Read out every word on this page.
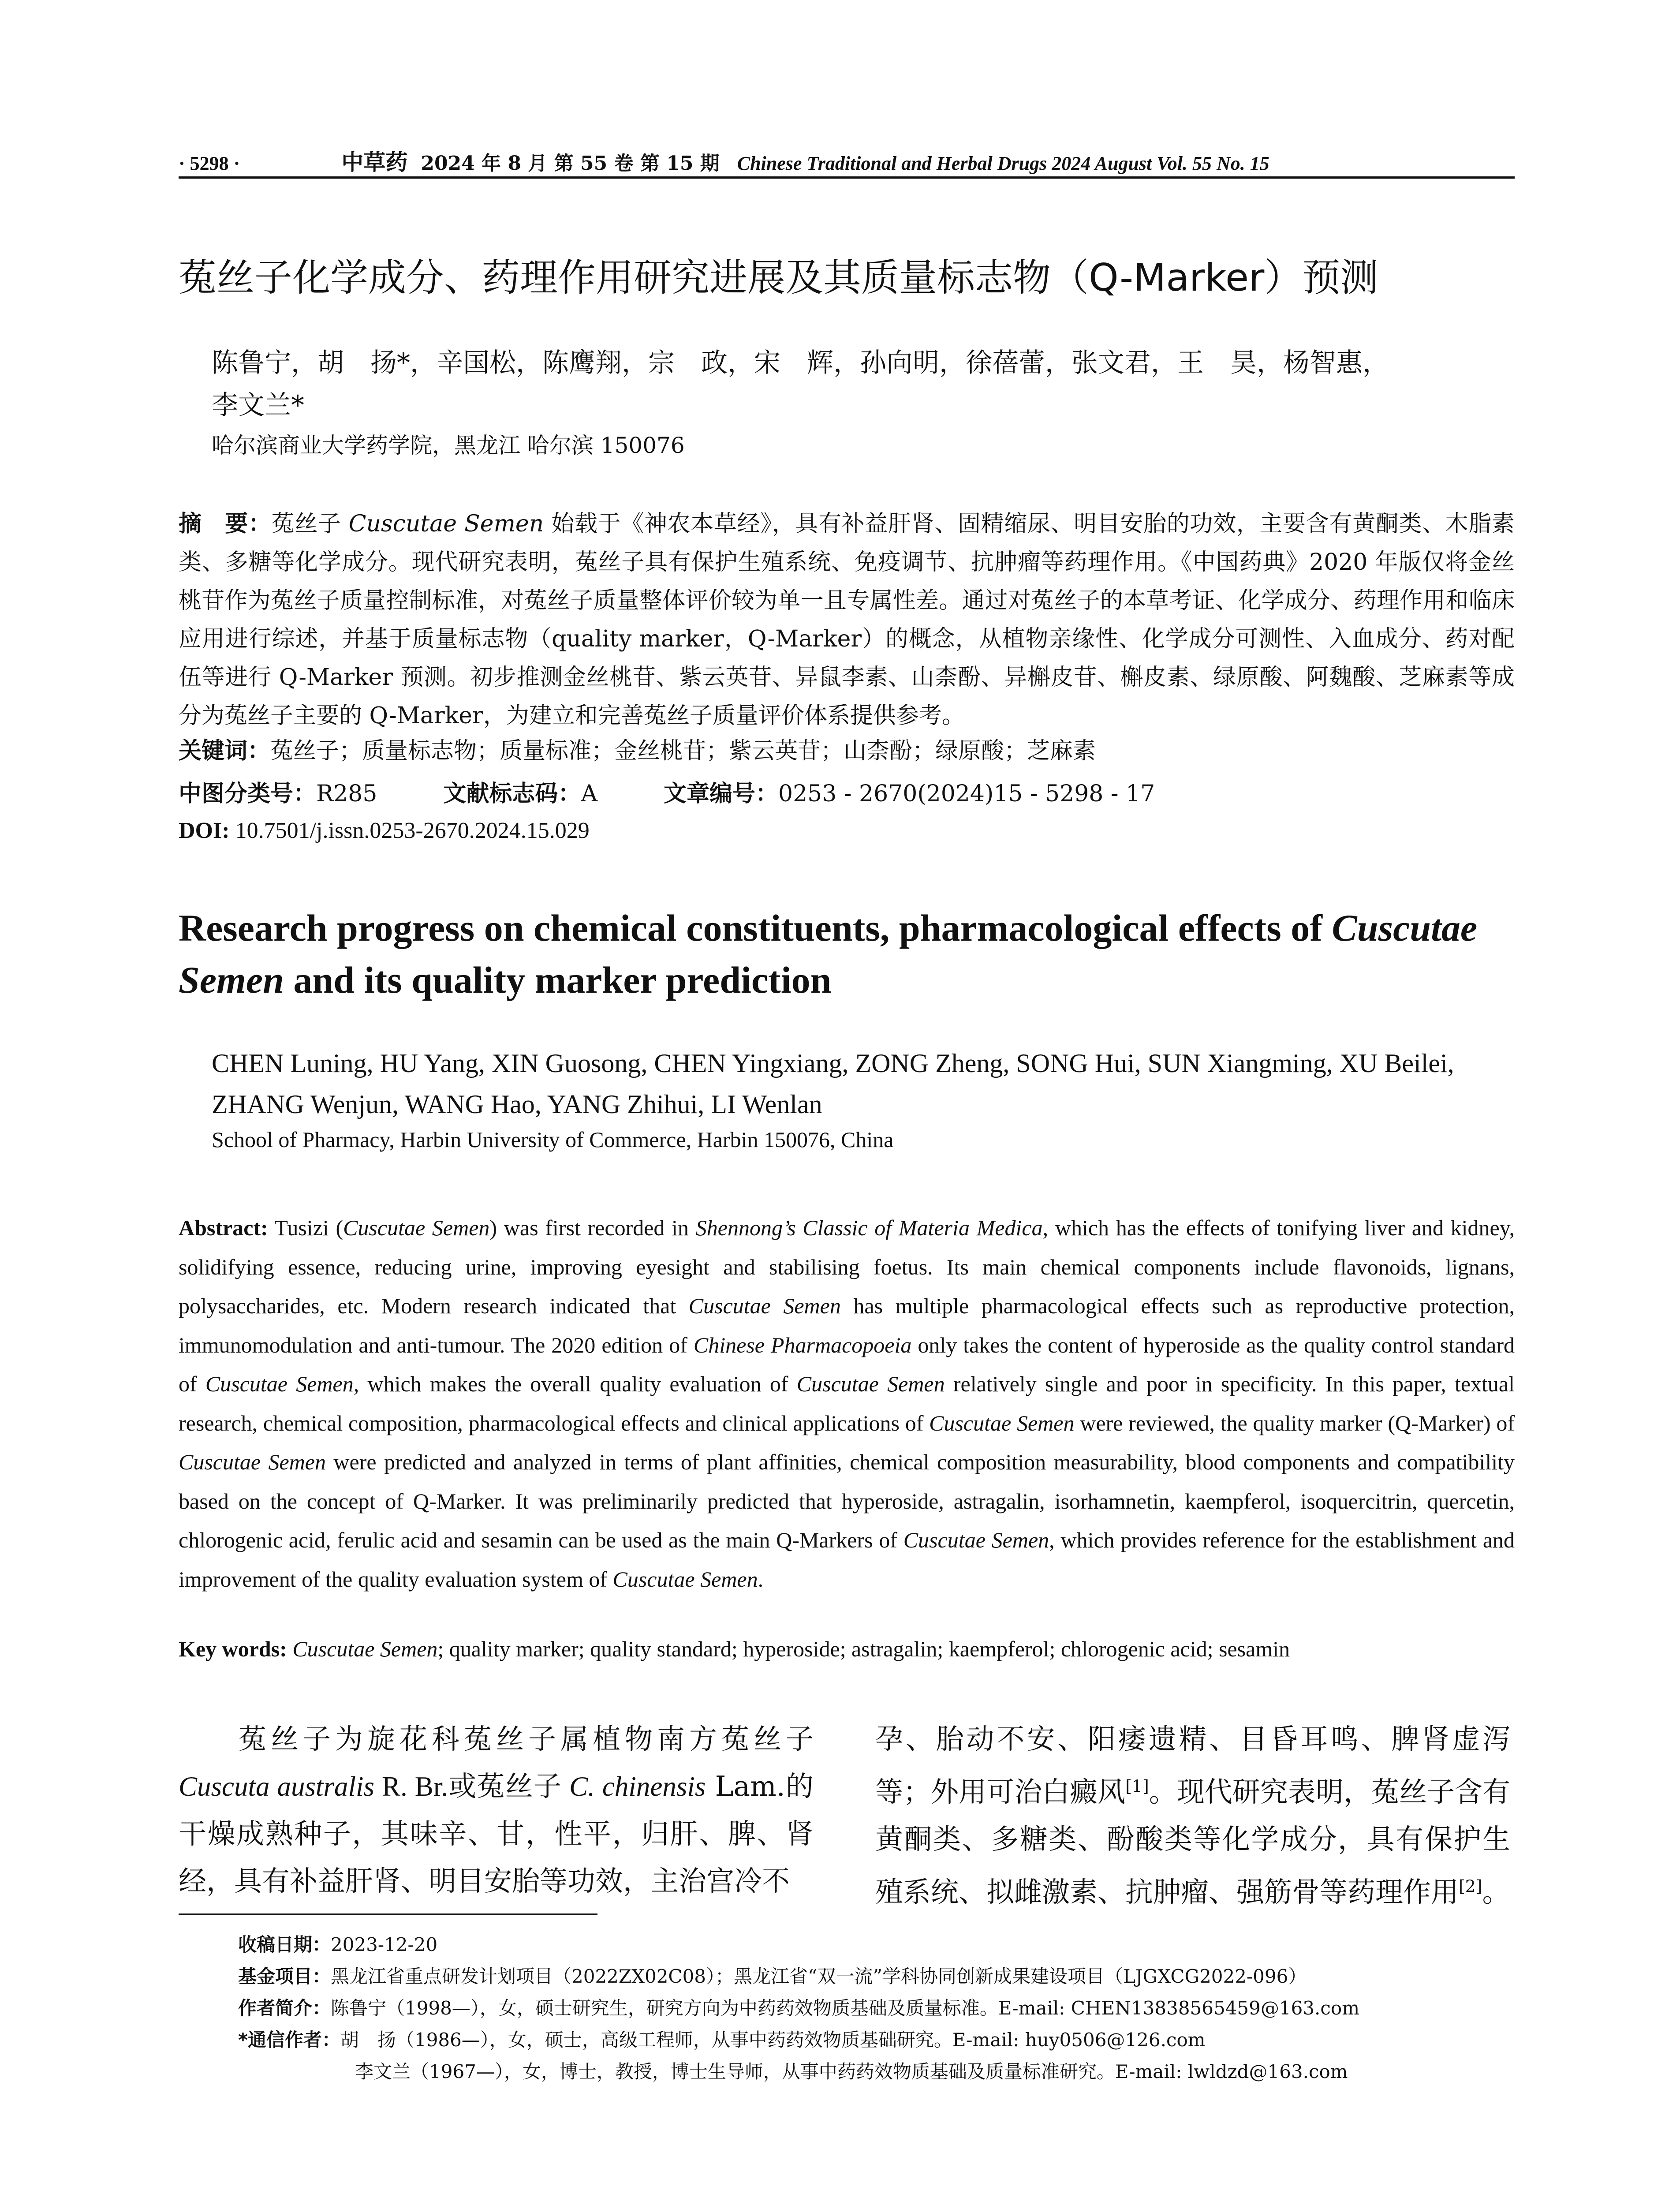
· 5298 ·	中草药 2024 年 8 月 第 55 卷 第 15 期 Chinese Traditional and Herbal Drugs 2024 August Vol. 55 No. 15
菟丝子化学成分、药理作用研究进展及其质量标志物（Q-Marker）预测
陈鲁宁，胡　扬*，辛国松，陈鹰翔，宗　政，宋　辉，孙向明，徐蓓蕾，张文君，王　昊，杨智惠，
李文兰*
哈尔滨商业大学药学院，黑龙江 哈尔滨 150076
摘　要：菟丝子 Cuscutae Semen 始载于《神农本草经》，具有补益肝肾、固精缩尿、明目安胎的功效，主要含有黄酮类、木脂素类、多糖等化学成分。现代研究表明，菟丝子具有保护生殖系统、免疫调节、抗肿瘤等药理作用。《中国药典》2020 年版仅将金丝桃苷作为菟丝子质量控制标准，对菟丝子质量整体评价较为单一且专属性差。通过对菟丝子的本草考证、化学成分、药理作用和临床应用进行综述，并基于质量标志物（quality marker，Q-Marker）的概念，从植物亲缘性、化学成分可测性、入血成分、药对配伍等进行 Q-Marker 预测。初步推测金丝桃苷、紫云英苷、异鼠李素、山柰酚、异槲皮苷、槲皮素、绿原酸、阿魏酸、芝麻素等成分为菟丝子主要的 Q-Marker，为建立和完善菟丝子质量评价体系提供参考。
关键词：菟丝子；质量标志物；质量标准；金丝桃苷；紫云英苷；山柰酚；绿原酸；芝麻素
中图分类号：R285	文献标志码：A	文章编号：0253 - 2670(2024)15 - 5298 - 17
DOI: 10.7501/j.issn.0253-2670.2024.15.029
Research progress on chemical constituents, pharmacological effects of Cuscutae
Semen and its quality marker prediction
CHEN Luning, HU Yang, XIN Guosong, CHEN Yingxiang, ZONG Zheng, SONG Hui, SUN Xiangming, XU Beilei, ZHANG Wenjun, WANG Hao, YANG Zhihui, LI Wenlan
School of Pharmacy, Harbin University of Commerce, Harbin 150076, China
Abstract: Tusizi (Cuscutae Semen) was first recorded in Shennong’s Classic of Materia Medica, which has the effects of tonifying liver and kidney, solidifying essence, reducing urine, improving eyesight and stabilising foetus. Its main chemical components include flavonoids, lignans, polysaccharides, etc. Modern research indicated that Cuscutae Semen has multiple pharmacological effects such as reproductive protection, immunomodulation and anti-tumour. The 2020 edition of Chinese Pharmacopoeia only takes the content of hyperoside as the quality control standard of Cuscutae Semen, which makes the overall quality evaluation of Cuscutae Semen relatively single and poor in specificity. In this paper, textual research, chemical composition, pharmacological effects and clinical applications of Cuscutae Semen were reviewed, the quality marker (Q-Marker) of Cuscutae Semen were predicted and analyzed in terms of plant affinities, chemical composition measurability, blood components and compatibility based on the concept of Q-Marker. It was preliminarily predicted that hyperoside, astragalin, isorhamnetin, kaempferol, isoquercitrin, quercetin, chlorogenic acid, ferulic acid and sesamin can be used as the main Q-Markers of Cuscutae Semen, which provides reference for the establishment and improvement of the quality evaluation system of Cuscutae Semen.
Key words: Cuscutae Semen; quality marker; quality standard; hyperoside; astragalin; kaempferol; chlorogenic acid; sesamin
菟丝子为旋花科菟丝子属植物南方菟丝子 Cuscuta australis R. Br.或菟丝子 C. chinensis Lam.的干燥成熟种子，其味辛、甘，性平，归肝、脾、肾经，具有补益肝肾、明目安胎等功效，主治宫冷不
孕、胎动不安、阳痿遗精、目昏耳鸣、脾肾虚泻等；外用可治白癜风[1]。现代研究表明，菟丝子含有黄酮类、多糖类、酚酸类等化学成分，具有保护生殖系统、拟雌激素、抗肿瘤、强筋骨等药理作用[2]。
收稿日期：2023-12-20
基金项目：黑龙江省重点研发计划项目（2022ZX02C08）；黑龙江省“双一流”学科协同创新成果建设项目（LJGXCG2022-096）
作者简介：陈鲁宁（1998—），女，硕士研究生，研究方向为中药药效物质基础及质量标准。E-mail: CHEN13838565459@163.com
*通信作者：胡　扬（1986—），女，硕士，高级工程师，从事中药药效物质基础研究。E-mail: huy0506@126.com
李文兰（1967—），女，博士，教授，博士生导师，从事中药药效物质基础及质量标准研究。E-mail: lwldzd@163.com
